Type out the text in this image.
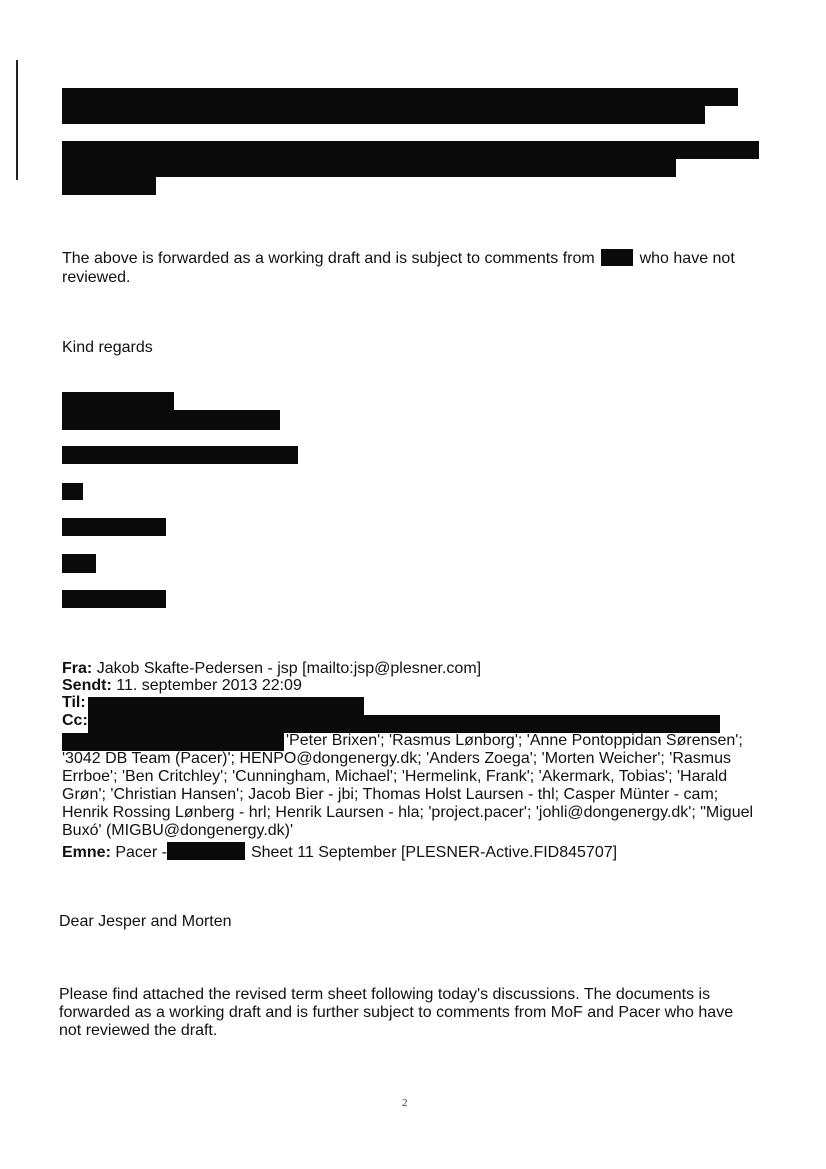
The above is forwarded as a working draft and is subject to comments from	who have not
reviewed.
Kind regards
Fra: Jakob Skafte-Pedersen - jsp [mailto:jsp@plesner.com]
Sendt: 11. september 2013 22:09
Til:
Cc:
'Peter Brixen'; 'Rasmus Lønborg'; 'Anne Pontoppidan Sørensen';
'3042 DB Team (Pacer)'; HENPO@dongenergy.dk; 'Anders Zoega'; 'Morten Weicher'; 'Rasmus
Errboe'; 'Ben Critchley'; 'Cunningham, Michael'; 'Hermelink, Frank'; 'Akermark, Tobias'; 'Harald
Grøn'; 'Christian Hansen'; Jacob Bier - jbi; Thomas Holst Laursen - thl; Casper Münter - cam;
Henrik Rossing Lønberg - hrl; Henrik Laursen - hla; 'project.pacer'; 'johli@dongenergy.dk'; "Miguel
Buxó' (MIGBU@dongenergy.dk)'
Emne: Pacer -	Sheet 11 September [PLESNER-Active.FID845707]
Dear Jesper and Morten
Please find attached the revised term sheet following today's discussions. The documents is
forwarded as a working draft and is further subject to comments from MoF and Pacer who have
not reviewed the draft.
2
